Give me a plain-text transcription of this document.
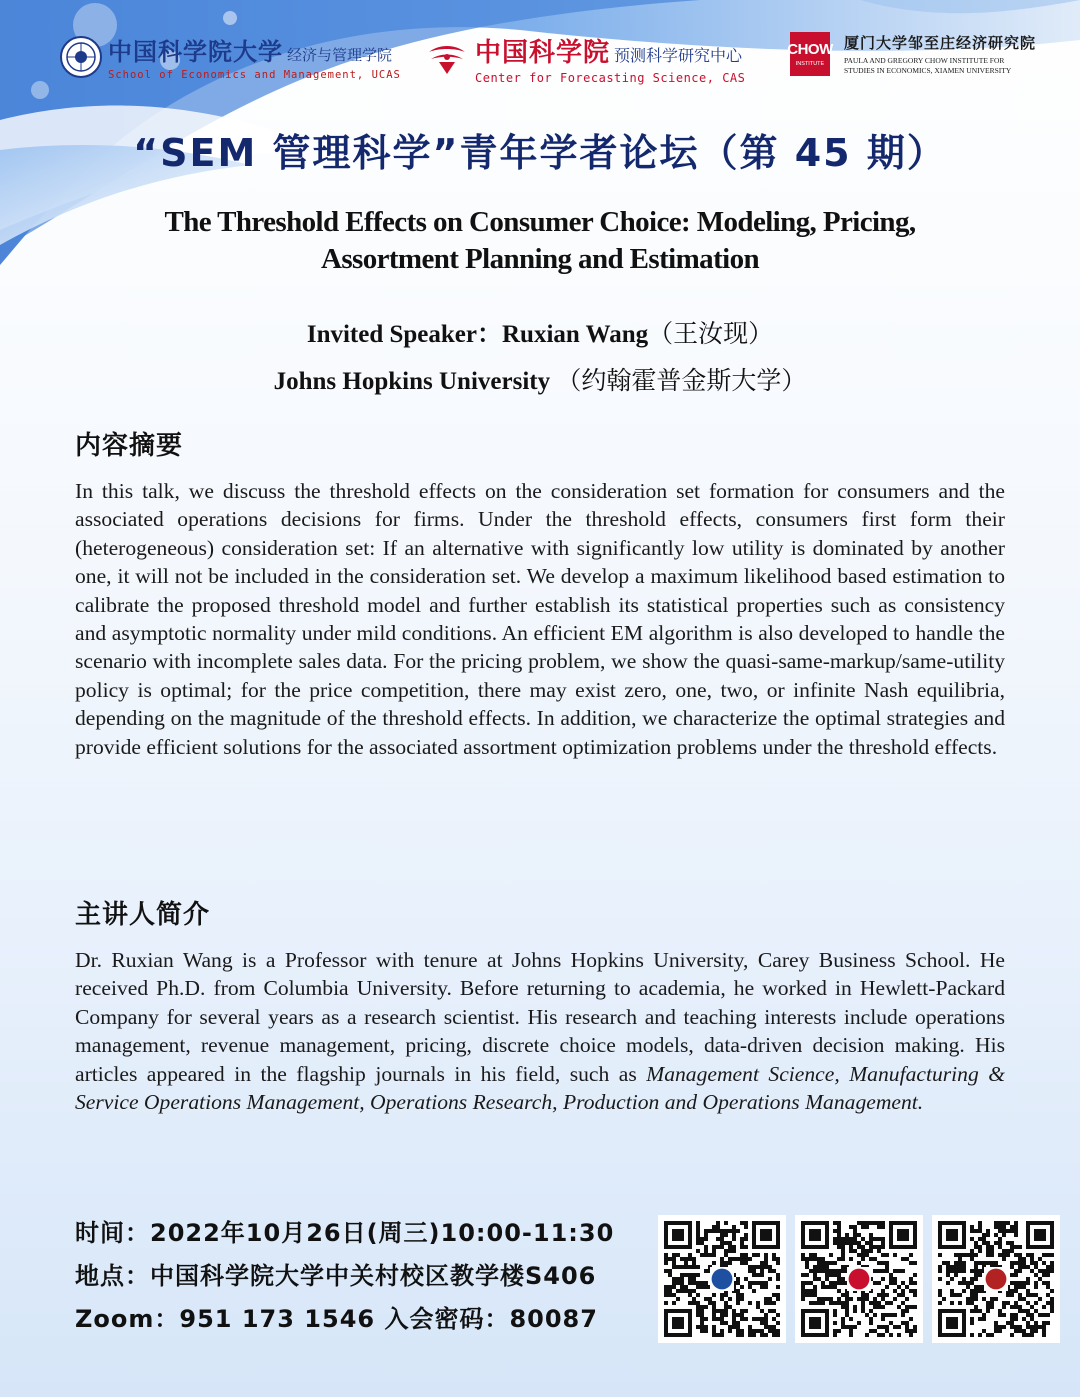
中国科学院大学 经济与管理学院
School of Economics and Management, UCAS
中国科学院 预测科学研究中心
Center for Forecasting Science, CAS
CHOW
INSTITUTE
厦门大学邹至庄经济研究院
PAULA AND GREGORY CHOW INSTITUTE FOR
STUDIES IN ECONOMICS, XIAMEN UNIVERSITY
“SEM 管理科学”青年学者论坛（第 45 期）
The Threshold Effects on Consumer Choice: Modeling, Pricing,
Assortment Planning and Estimation
Invited Speaker：Ruxian Wang（王汝现）
Johns Hopkins University （约翰霍普金斯大学）
内容摘要
In this talk, we discuss the threshold effects on the consideration set formation for consumers and the associated operations decisions for firms. Under the threshold effects, consumers first form their (heterogeneous) consideration set: If an alternative with significantly low utility is dominated by another one, it will not be included in the consideration set. We develop a maximum likelihood based estimation to calibrate the proposed threshold model and further establish its statistical properties such as consistency and asymptotic normality under mild conditions. An efficient EM algorithm is also developed to handle the scenario with incomplete sales data. For the pricing problem, we show the quasi-same-markup/same-utility policy is optimal; for the price competition, there may exist zero, one, two, or infinite Nash equilibria, depending on the magnitude of the threshold effects. In addition, we characterize the optimal strategies and provide efficient solutions for the associated assortment optimization problems under the threshold effects.
主讲人简介
Dr. Ruxian Wang is a Professor with tenure at Johns Hopkins University, Carey Business School. He received Ph.D. from Columbia University. Before returning to academia, he worked in Hewlett-Packard Company for several years as a research scientist. His research and teaching interests include operations management, revenue management, pricing, discrete choice models, data-driven decision making. His articles appeared in the flagship journals in his field, such as Management Science, Manufacturing & Service Operations Management, Operations Research, Production and Operations Management.
时间：2022年10月26日(周三)10:00-11:30
地点：中国科学院大学中关村校区教学楼S406
Zoom：951 173 1546 入会密码：80087
